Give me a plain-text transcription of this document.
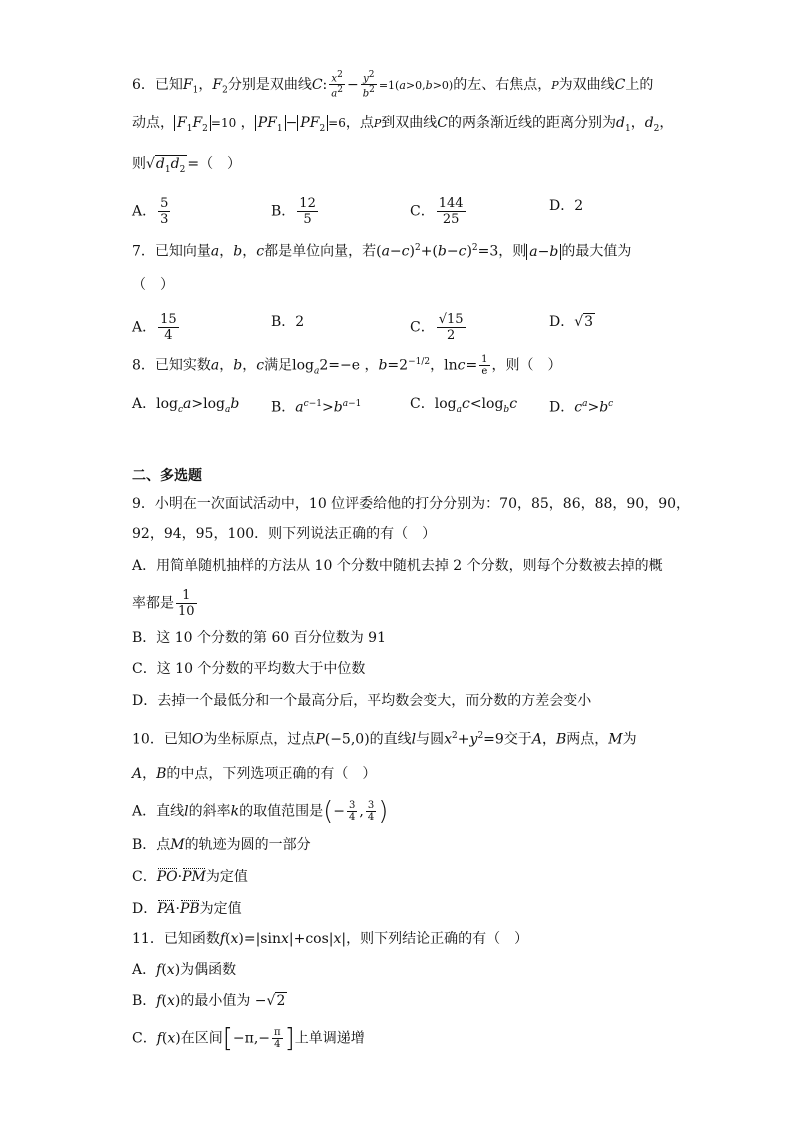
6．已知$F_1$，$F_2$分别是双曲线C: $\frac{x^2}{a^2} - \frac{y^2}{b^2} =1(a>0,b>0)$的左、右焦点，P为双曲线C上的
动点， $F_1F_2 =10$ ， $PF_1 - PF_2 =6$，点P到双曲线C的两条渐近线的距离分别为$d_1$，$d_2$，
则$√d_1d_2$ =（　）
A． $\frac{5}{3}$	B． $\frac{12}{5}$	C． $\frac{144}{25}$	D．2
7．已知向量a，b，c都是单位向量，若$(a-c)^2+(b-c)^2=3$，则 a−b 的最大值为
（　）
A． $\frac{15}{4}$	B．2	C． $\frac{√15}{2}$	D．√3
8．已知实数a，b，c满足$\log_a2=-e$ ，$b=2^{-1/2}$，$\ln c= \frac{1}{e}$ ，则（　）
A．$\log_ca>\log_ab$ B．$a^{c-1}>b^{a-1}$	C．$\log_ac<\log_bc$ D．$c^a>b^c$
二、多选题
9．小明在一次面试活动中，10 位评委给他的打分分别为：70，85，86，88，90，90，
92，94，95，100．则下列说法正确的有（　）
A．用简单随机抽样的方法从 10 个分数中随机去掉 2 个分数，则每个分数被去掉的概
率都是 $\frac{1}{10}$
B．这 10 个分数的第 60 百分位数为 91
C．这 10 个分数的平均数大于中位数
D．去掉一个最低分和一个最高分后，平均数会变大，而分数的方差会变小
10．已知O为坐标原点，过点P(−5,0)的直线l与圆$x^2+y^2=9$交于A，B两点，M为
A，B的中点，下列选项正确的有（　）
A．直线l的斜率k的取值范围是(− $\frac{3}{4}$ , $\frac{3}{4}$ )
B．点M的轨迹为圆的一部分
C．PO·PM为定值
D．PA·PB为定值
11．已知函数f(x)=|sinx|+cos|x|，则下列结论正确的有（　）
A．f(x)为偶函数
B．f(x)的最小值为 −√2
C．f(x)在区间[$-\pi,- \frac{\pi}{4}$ ]上单调递增
